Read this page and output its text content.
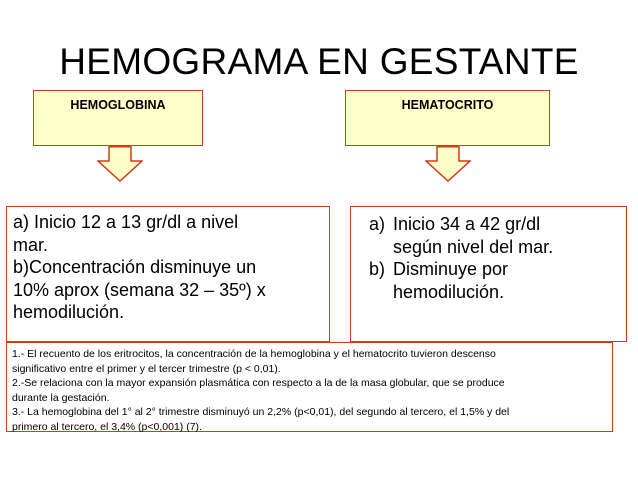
HEMOGRAMA EN GESTANTE
HEMOGLOBINA	HEMATOCRITO
a) Inicio 12 a 13 gr/dl a nivel
mar.
b)Concentración disminuye un
10% aprox (semana 32 – 35º) x
hemodilución.
a) Inicio 34 a 42 gr/dl
según nivel del mar.
b) Disminuye por
hemodilución.
1.- El recuento de los eritrocitos, la concentración de la hemoglobina y el hematocrito tuvieron descenso
significativo entre el primer y el tercer trimestre (p < 0,01).
2.-Se relaciona con la mayor expansión plasmática con respecto a la de la masa globular, que se produce
durante la gestación.
3.- La hemoglobina del 1° al 2° trimestre disminuyó un 2,2% (p<0,01), del segundo al tercero, el 1,5% y del
primero al tercero, el 3,4% (p<0,001) (7).
